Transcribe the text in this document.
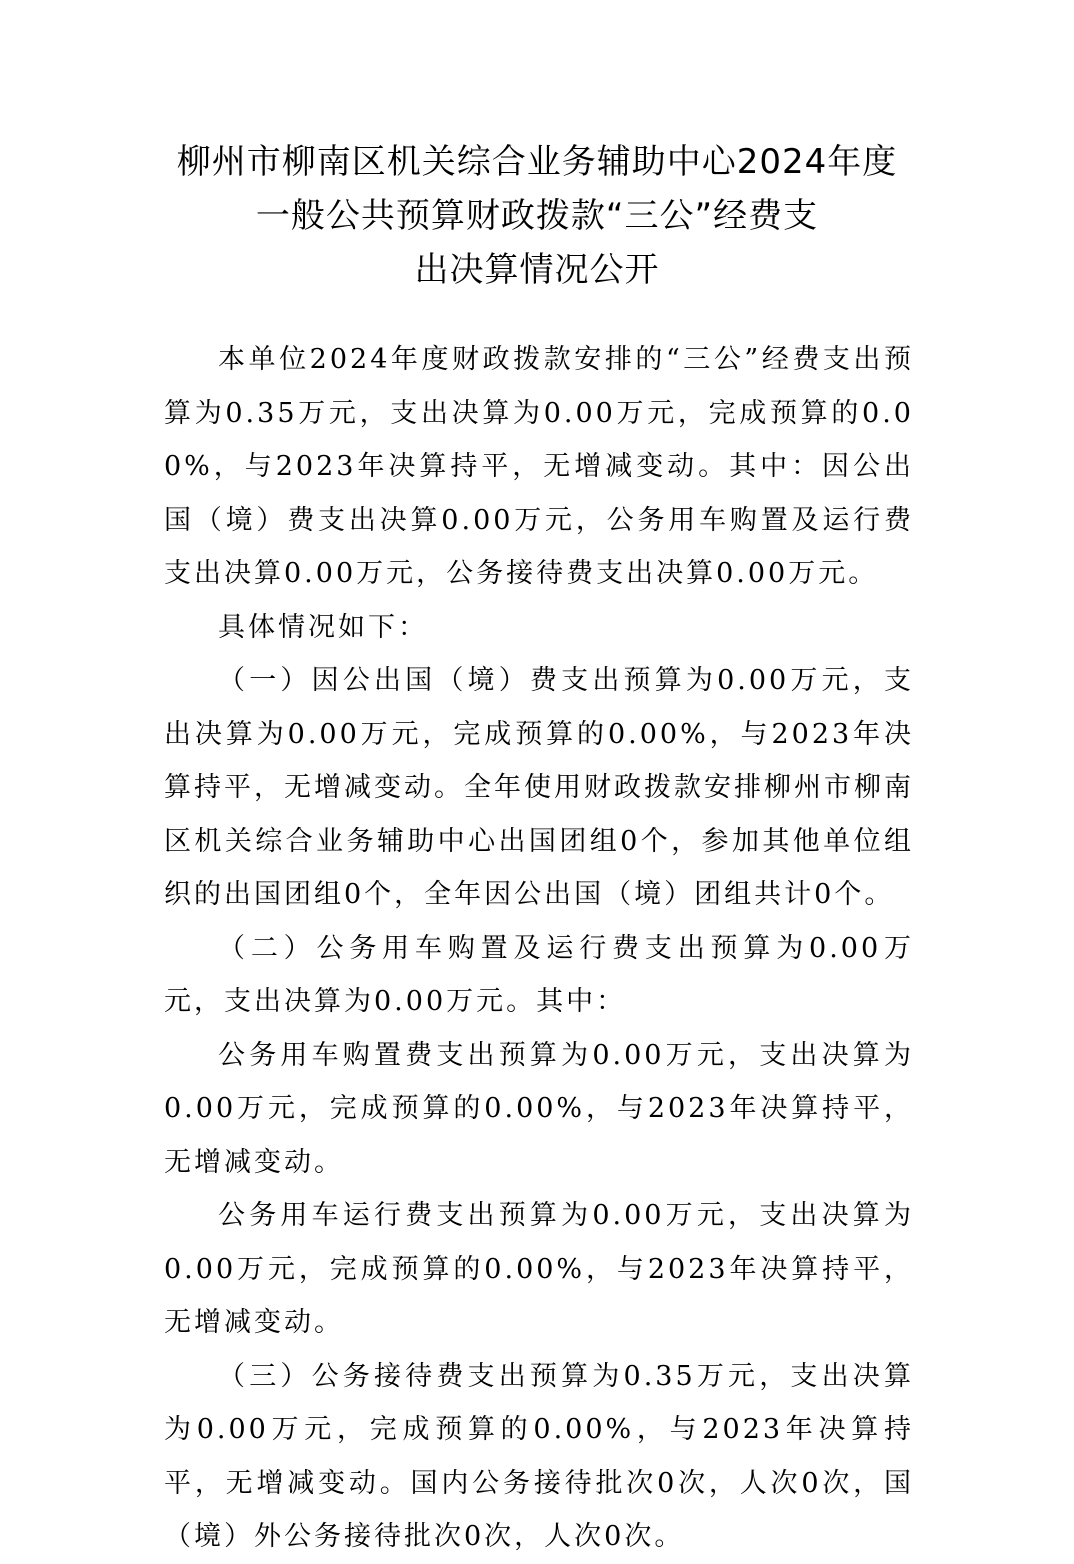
柳州市柳南区机关综合业务辅助中心2024年度
一般公共预算财政拨款“三公”经费支
出决算情况公开

本单位2024年度财政拨款安排的“三公”经费支出预算为0.35万元，支出决算为0.00万元，完成预算的0.00%，与2023年决算持平，无增减变动。其中：因公出国（境）费支出决算0.00万元，公务用车购置及运行费支出决算0.00万元，公务接待费支出决算0.00万元。

具体情况如下：

（一）因公出国（境）费支出预算为0.00万元，支出决算为0.00万元，完成预算的0.00%，与2023年决算持平，无增减变动。全年使用财政拨款安排柳州市柳南区机关综合业务辅助中心出国团组0个，参加其他单位组织的出国团组0个，全年因公出国（境）团组共计0个。

（二）公务用车购置及运行费支出预算为0.00万元，支出决算为0.00万元。其中：

公务用车购置费支出预算为0.00万元，支出决算为0.00万元，完成预算的0.00%，与2023年决算持平，无增减变动。

公务用车运行费支出预算为0.00万元，支出决算为0.00万元，完成预算的0.00%，与2023年决算持平，无增减变动。

（三）公务接待费支出预算为0.35万元，支出决算为0.00万元，完成预算的0.00%，与2023年决算持平，无增减变动。国内公务接待批次0次，人次0次，国（境）外公务接待批次0次，人次0次。
